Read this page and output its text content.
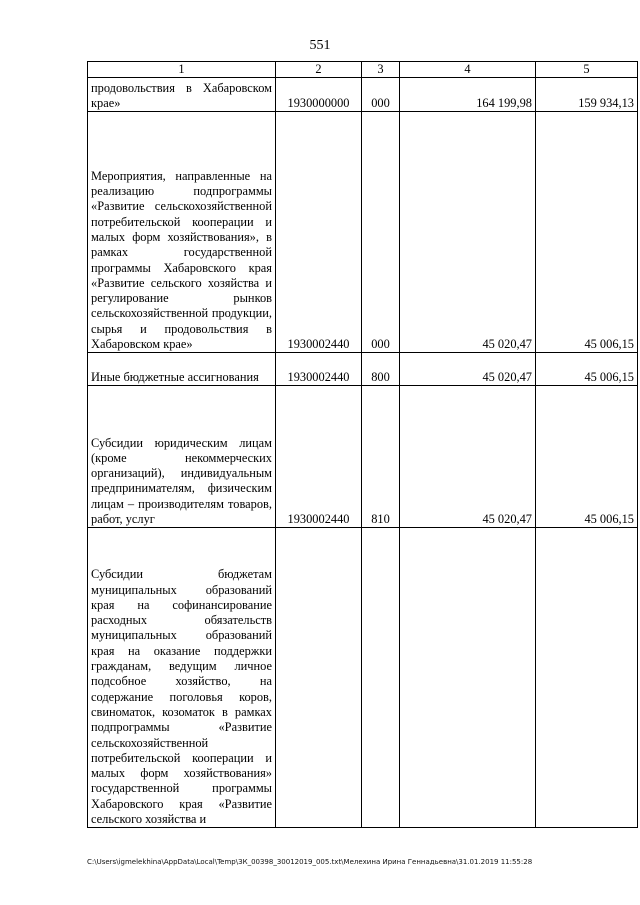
551
1	2	3	4	5
продовольствия в Хабаровском крае»	1930000000	000	164 199,98	159 934,13
Мероприятия, направленные на реализацию подпрограммы «Развитие сельскохозяйственной потребительской кооперации и малых форм хозяйствования», в рамках государственной программы Хабаровского края «Развитие сельского хозяйства и регулирование рынков сельскохозяйственной продукции, сырья и продовольствия в Хабаровском крае»	1930002440	000	45 020,47	45 006,15
Иные бюджетные ассигнования	1930002440	800	45 020,47	45 006,15
Субсидии юридическим лицам (кроме некоммерческих организаций), индивидуальным предпринимателям, физическим лицам – производителям товаров, работ, услуг	1930002440	810	45 020,47	45 006,15
Субсидии бюджетам муниципальных образований края на софинансирование расходных обязательств муниципальных образований края на оказание поддержки гражданам, ведущим личное подсобное хозяйство, на содержание поголовья коров, свиноматок, козоматок в рамках подпрограммы «Развитие сельскохозяйственной потребительской кооперации и малых форм хозяйствования» государственной программы Хабаровского края «Развитие сельского хозяйства и				
C:\Users\igmelekhina\AppData\Local\Temp\ЗК_00398_30012019_005.txt\Мелехина Ирина Геннадьевна\31.01.2019 11:55:28
